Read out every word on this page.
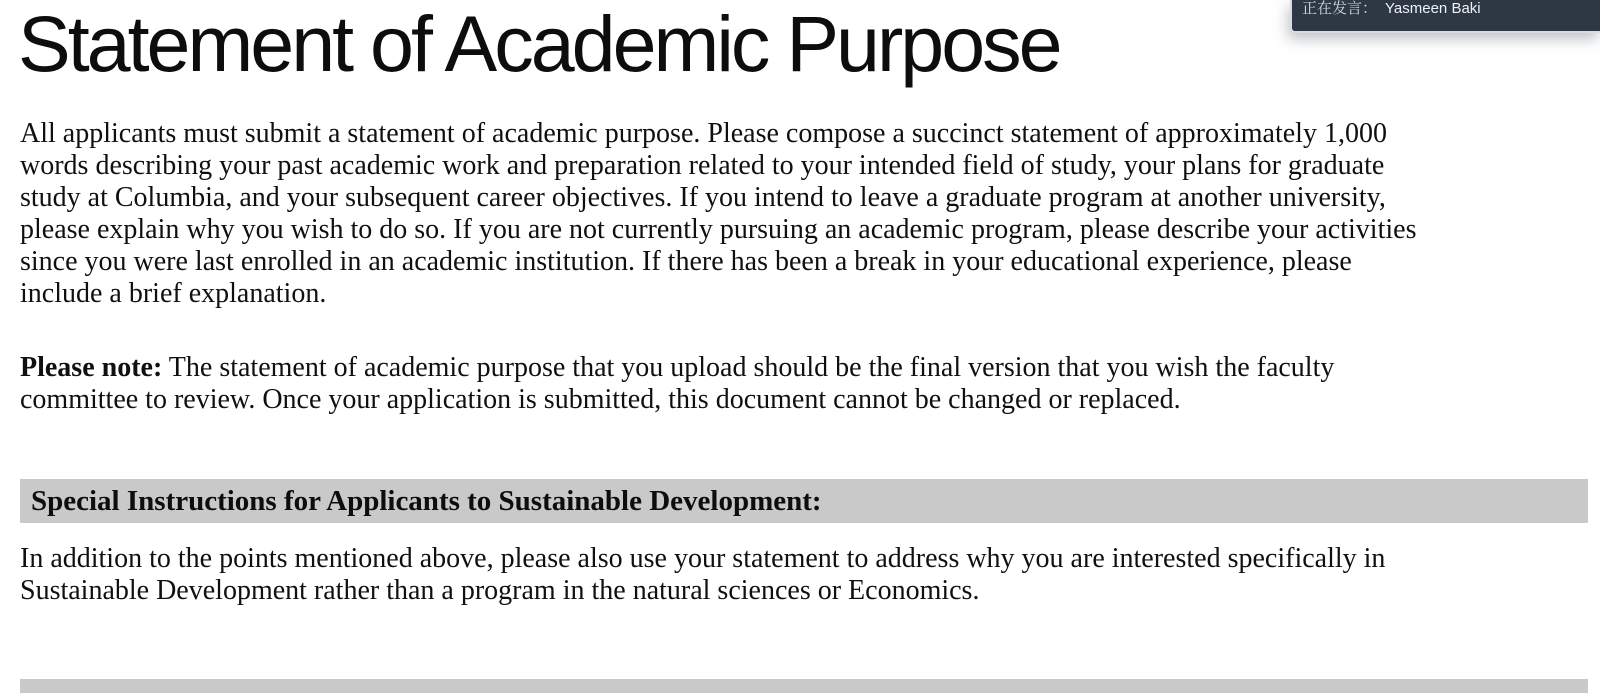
Statement of Academic Purpose
All applicants must submit a statement of academic purpose. Please compose a succinct statement of approximately 1,000
words describing your past academic work and preparation related to your intended field of study, your plans for graduate
study at Columbia, and your subsequent career objectives. If you intend to leave a graduate program at another university,
please explain why you wish to do so. If you are not currently pursuing an academic program, please describe your activities
since you were last enrolled in an academic institution. If there has been a break in your educational experience, please
include a brief explanation.
Please note: The statement of academic purpose that you upload should be the final version that you wish the faculty
committee to review. Once your application is submitted, this document cannot be changed or replaced.
Special Instructions for Applicants to Sustainable Development:
In addition to the points mentioned above, please also use your statement to address why you are interested specifically in
Sustainable Development rather than a program in the natural sciences or Economics.
正在发言： Yasmeen Baki
